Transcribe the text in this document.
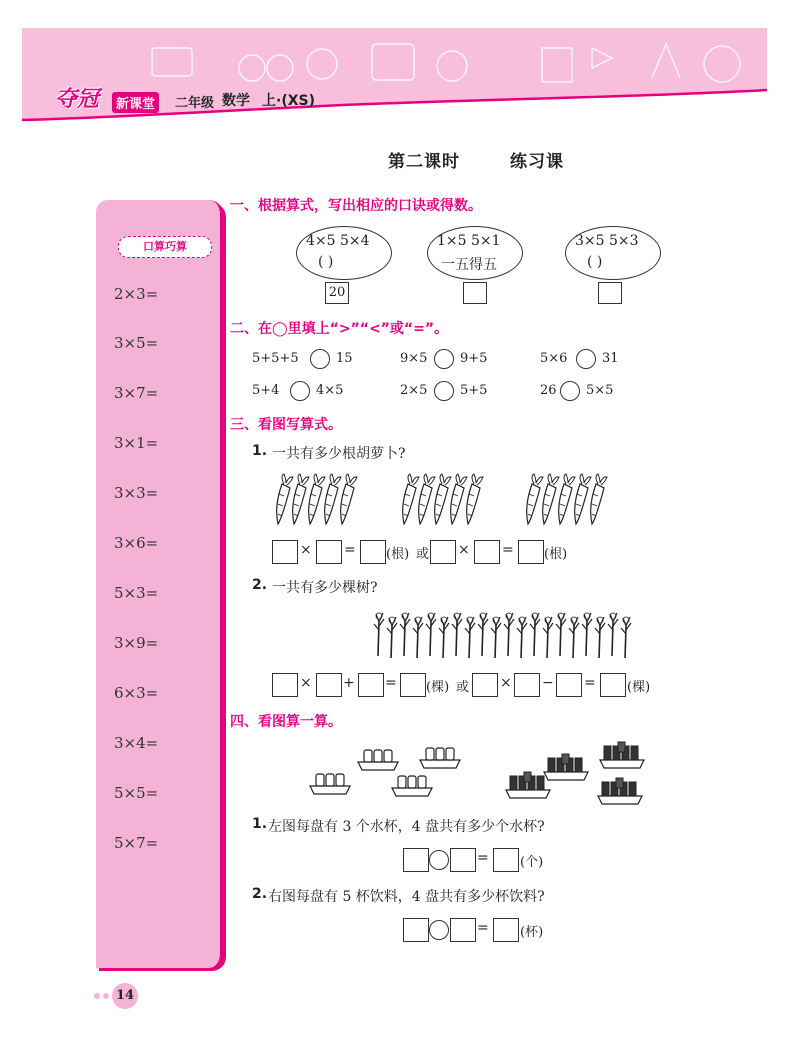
夺冠	新课堂	二年级 数学 上·(XS)
第二课时	练习课
口算巧算
2×3=
3×5=
3×7=
3×1=
3×3=
3×6=
5×3=
3×9=
6×3=
3×4=
5×5=
5×7=
一、根据算式，写出相应的口诀或得数。
4×5 5×4
( )
20
1×5 5×1
一五得五
3×5 5×3
( )
二、在◯里填上“>”“<”或“=”。
5+5+5	15	9×5	9+5	5×6	31
5+4	4×5	2×5	5+5	26 5×5
三、看图写算式。
1. 一共有多少根胡萝卜?
× = (根) 或 × = (根)
2. 一共有多少棵树?
× + = (棵) 或 × − = (棵)
四、看图算一算。
1. 左图每盘有 3 个水杯，4 盘共有多少个水杯?
= (个)
2. 右图每盘有 5 杯饮料，4 盘共有多少杯饮料?
= (杯)
14
